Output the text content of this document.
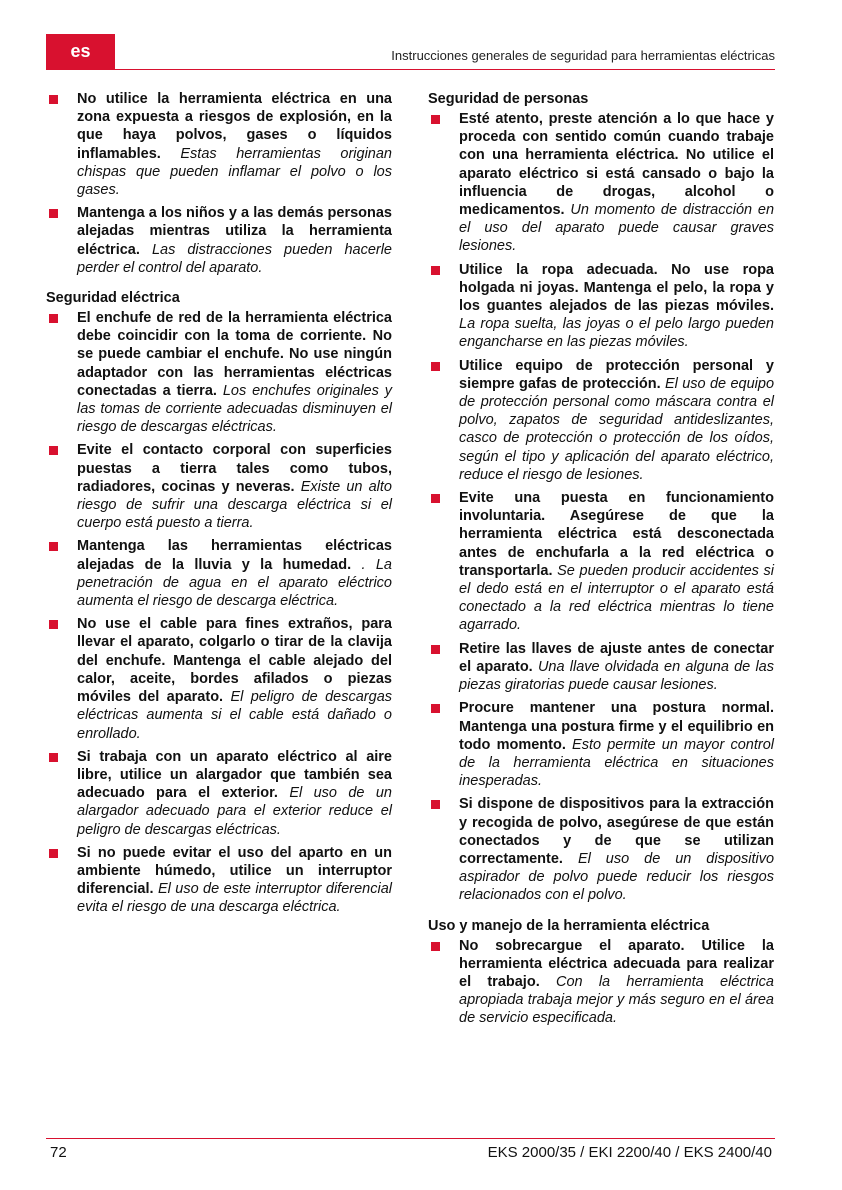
es	Instrucciones generales de seguridad para herramientas eléctricas
No utilice la herramienta eléctrica en una zona expuesta a riesgos de explosión, en la que haya polvos, gases o líquidos inflamables. Estas herramientas originan chispas que pueden inflamar el polvo o los gases.
Mantenga a los niños y a las demás personas alejadas mientras utiliza la herramienta eléctrica. Las distracciones pueden hacerle perder el control del aparato.
Seguridad eléctrica
El enchufe de red de la herramienta eléctrica debe coincidir con la toma de corriente. No se puede cambiar el enchufe. No use ningún adaptador con las herramientas eléctricas conectadas a tierra. Los enchufes originales y las tomas de corriente adecuadas disminuyen el riesgo de descargas eléctricas.
Evite el contacto corporal con superficies puestas a tierra tales como tubos, radiadores, cocinas y neveras. Existe un alto riesgo de sufrir una descarga eléctrica si el cuerpo está puesto a tierra.
Mantenga las herramientas eléctricas alejadas de la lluvia y la humedad. . La penetración de agua en el aparato eléctrico aumenta el riesgo de descarga eléctrica.
No use el cable para fines extraños, para llevar el aparato, colgarlo o tirar de la clavija del enchufe. Mantenga el cable alejado del calor, aceite, bordes afilados o piezas móviles del aparato. El peligro de descargas eléctricas aumenta si el cable está dañado o enrollado.
Si trabaja con un aparato eléctrico al aire libre, utilice un alargador que también sea adecuado para el exterior. El uso de un alargador adecuado para el exterior reduce el peligro de descargas eléctricas.
Si no puede evitar el uso del aparto en un ambiente húmedo, utilice un interruptor diferencial. El uso de este interruptor diferencial evita el riesgo de una descarga eléctrica.
Seguridad de personas
Esté atento, preste atención a lo que hace y proceda con sentido común cuando trabaje con una herramienta eléctrica. No utilice el aparato eléctrico si está cansado o bajo la influencia de drogas, alcohol o medicamentos. Un momento de distracción en el uso del aparato puede causar graves lesiones.
Utilice la ropa adecuada. No use ropa holgada ni joyas. Mantenga el pelo, la ropa y los guantes alejados de las piezas móviles. La ropa suelta, las joyas o el pelo largo pueden engancharse en las piezas móviles.
Utilice equipo de protección personal y siempre gafas de protección. El uso de equipo de protección personal como máscara contra el polvo, zapatos de seguridad antideslizantes, casco de protección o protección de los oídos, según el tipo y aplicación del aparato eléctrico, reduce el riesgo de lesiones.
Evite una puesta en funcionamiento involuntaria. Asegúrese de que la herramienta eléctrica está desconectada antes de enchufarla a la red eléctrica o transportarla. Se pueden producir accidentes si el dedo está en el interruptor o el aparato está conectado a la red eléctrica mientras lo tiene agarrado.
Retire las llaves de ajuste antes de conectar el aparato. Una llave olvidada en alguna de las piezas giratorias puede causar lesiones.
Procure mantener una postura normal. Mantenga una postura firme y el equilibrio en todo momento. Esto permite un mayor control de la herramienta eléctrica en situaciones inesperadas.
Si dispone de dispositivos para la extracción y recogida de polvo, asegúrese de que están conectados y de que se utilizan correctamente. El uso de un dispositivo aspirador de polvo puede reducir los riesgos relacionados con el polvo.
Uso y manejo de la herramienta eléctrica
No sobrecargue el aparato. Utilice la herramienta eléctrica adecuada para realizar el trabajo. Con la herramienta eléctrica apropiada trabaja mejor y más seguro en el área de servicio especificada.
72	EKS 2000/35 / EKI 2200/40 / EKS 2400/40
